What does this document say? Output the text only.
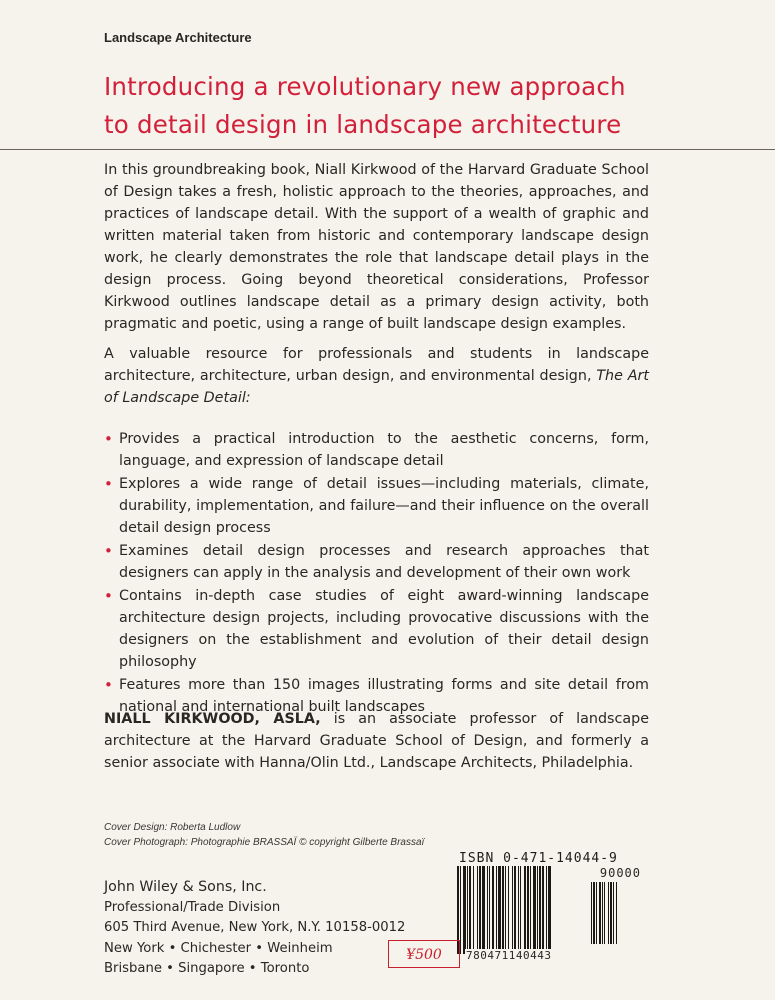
Landscape Architecture
Introducing a revolutionary new approach
to detail design in landscape architecture

In this groundbreaking book, Niall Kirkwood of the Harvard Graduate School of Design takes a fresh, holistic approach to the theories, approaches, and practices of landscape detail. With the support of a wealth of graphic and written material taken from historic and contemporary landscape design work, he clearly demonstrates the role that landscape detail plays in the design process. Going beyond theoretical considerations, Professor Kirkwood outlines landscape detail as a primary design activity, both pragmatic and poetic, using a range of built landscape design examples.

A valuable resource for professionals and students in landscape architecture, architecture, urban design, and environmental design, The Art of Landscape Detail:

• Provides a practical introduction to the aesthetic concerns, form, language, and expression of landscape detail
• Explores a wide range of detail issues—including materials, climate, durability, implementation, and failure—and their influence on the overall detail design process
• Examines detail design processes and research approaches that designers can apply in the analysis and development of their own work
• Contains in-depth case studies of eight award-winning landscape architecture design projects, including provocative discussions with the designers on the establishment and evolution of their detail design philosophy
• Features more than 150 images illustrating forms and site detail from national and international built landscapes

NIALL KIRKWOOD, ASLA, is an associate professor of landscape architecture at the Harvard Graduate School of Design, and formerly a senior associate with Hanna/Olin Ltd., Landscape Architects, Philadelphia.

Cover Design: Roberta Ludlow
Cover Photograph: Photographie BRASSAÏ © copyright Gilberte Brassaï
John Wiley & Sons, Inc.
Professional/Trade Division
605 Third Avenue, New York, N.Y. 10158-0012
New York • Chichester • Weinheim
Brisbane • Singapore • Toronto
ISBN 0-471-14044-9
90000
780471140443
¥500
